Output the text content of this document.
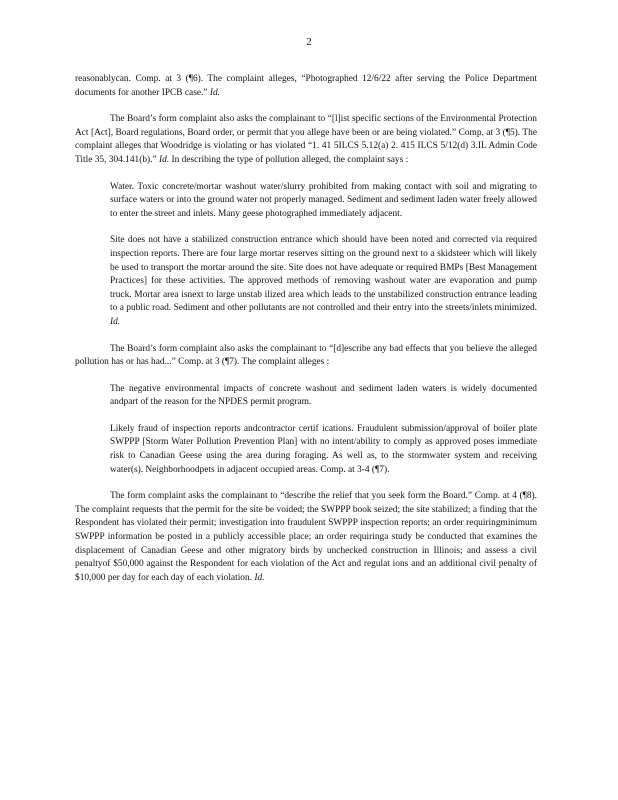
2

reasonablycan. Comp. at 3 (¶6). The complaint alleges, “Photographed 12/6/22 after serving the Police Department documents for another IPCB case.” Id.

The Board’s form complaint also asks the complainant to “[l]ist specific sections of the Environmental Protection Act [Act], Board regulations, Board order, or permit that you allege have been or are being violated.” Comp. at 3 (¶5). The complaint alleges that Woodridge is violating or has violated “1. 41 5ILCS 5.12(a) 2. 415 ILCS 5/12(d) 3.IL Admin Code Title 35, 304.141(b).” Id. In describing the type of pollution alleged, the complaint says :

Water. Toxic concrete/mortar washout water/slurry prohibited from making contact with soil and migrating to surface waters or into the ground water not properly managed. Sediment and sediment laden water freely allowed to enter the street and inlets. Many geese photographed immediately adjacent.

Site does not have a stabilized construction entrance which should have been noted and corrected via required inspection reports. There are four large mortar reserves sitting on the ground next to a skidsteer which will likely be used to transport the mortar around the site. Site does not have adequate or required BMPs [Best Management Practices] for these activities. The approved methods of removing washout water are evaporation and pump truck. Mortar area isnext to large unstab ilized area which leads to the unstabilized construction entrance leading to a public road. Sediment and other pollutants are not controlled and their entry into the streets/inlets minimized. Id.

The Board’s form complaint also asks the complainant to “[d]escribe any bad effects that you believe the alleged pollution has or has had...” Comp. at 3 (¶7). The complaint alleges :

The negative environmental impacts of concrete washout and sediment laden waters is widely documented andpart of the reason for the NPDES permit program.

Likely fraud of inspection reports andcontractor certif ications. Fraudulent submission/approval of boiler plate SWPPP [Storm Water Pollution Prevention Plan] with no intent/ability to comply as approved poses immediate risk to Canadian Geese using the area during foraging. As well as, to the stormwater system and receiving water(s). Neighborhoodpets in adjacent occupied areas. Comp. at 3-4 (¶7).

The form complaint asks the complainant to “describe the relief that you seek form the Board.” Comp. at 4 (¶8). The complaint requests that the permit for the site be voided; the SWPPP book seized; the site stabilized; a finding that the Respondent has violated their permit; investigation into fraudulent SWPPP inspection reports; an order requiringminimum SWPPP information be posted in a publicly accessible place; an order requiringa study be conducted that examines the displacement of Canadian Geese and other migratory birds by unchecked construction in Illinois; and assess a civil penaltyof $50,000 against the Respondent for each violation of the Act and regulat ions and an additional civil penalty of $10,000 per day for each day of each violation. Id.
